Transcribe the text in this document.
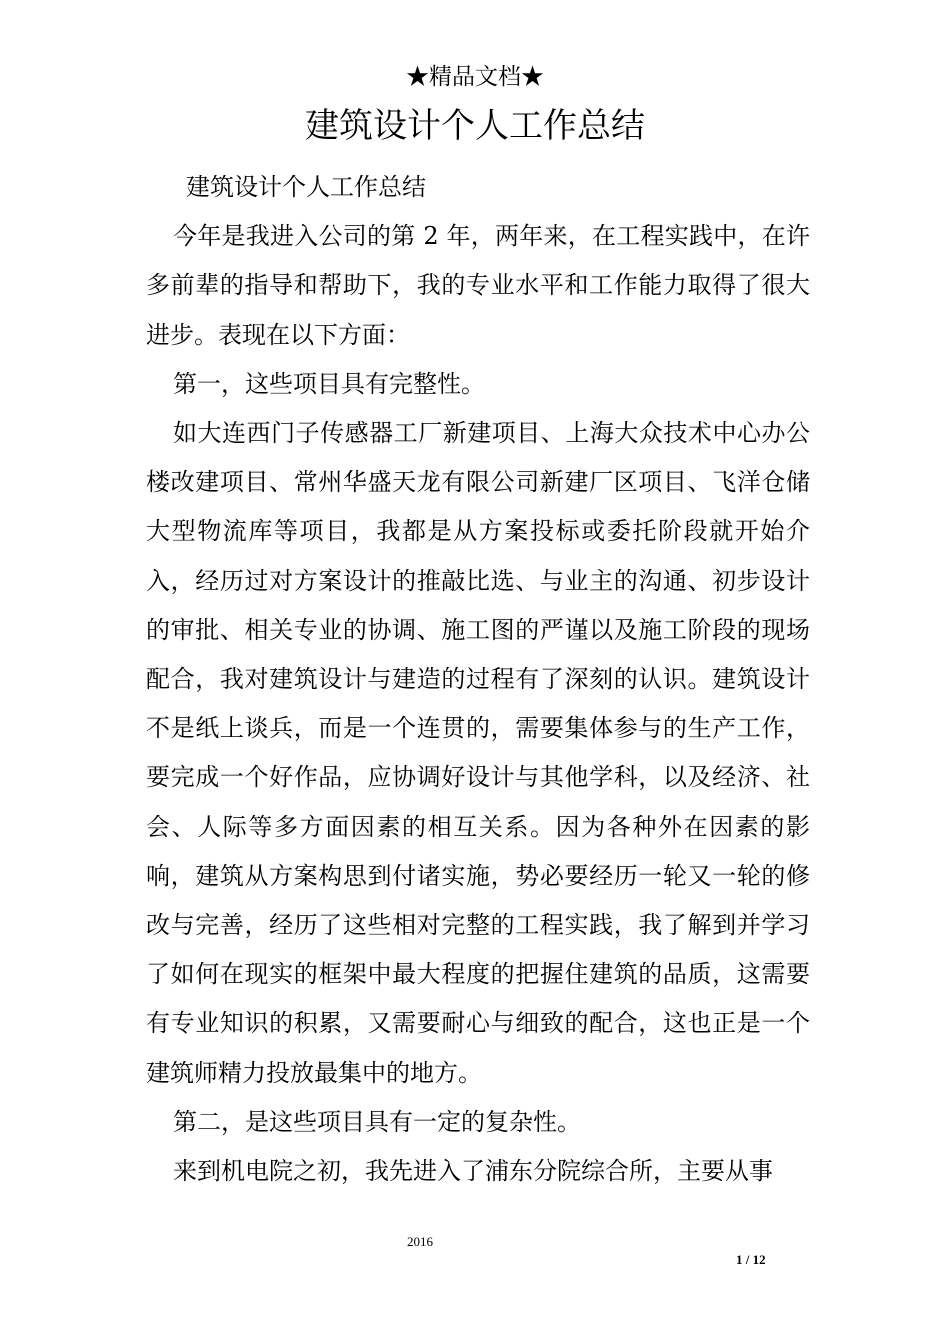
★精品文档★
建筑设计个人工作总结

建筑设计个人工作总结

今年是我进入公司的第 2 年，两年来，在工程实践中，在许多前辈的指导和帮助下，我的专业水平和工作能力取得了很大进步。表现在以下方面：

第一，这些项目具有完整性。

如大连西门子传感器工厂新建项目、上海大众技术中心办公楼改建项目、常州华盛天龙有限公司新建厂区项目、飞洋仓储大型物流库等项目，我都是从方案投标或委托阶段就开始介入，经历过对方案设计的推敲比选、与业主的沟通、初步设计的审批、相关专业的协调、施工图的严谨以及施工阶段的现场配合，我对建筑设计与建造的过程有了深刻的认识。建筑设计不是纸上谈兵，而是一个连贯的，需要集体参与的生产工作，要完成一个好作品，应协调好设计与其他学科，以及经济、社会、人际等多方面因素的相互关系。因为各种外在因素的影响，建筑从方案构思到付诸实施，势必要经历一轮又一轮的修改与完善，经历了这些相对完整的工程实践，我了解到并学习了如何在现实的框架中最大程度的把握住建筑的品质，这需要有专业知识的积累，又需要耐心与细致的配合，这也正是一个建筑师精力投放最集中的地方。

第二，是这些项目具有一定的复杂性。

来到机电院之初，我先进入了浦东分院综合所，主要从事

2016
1 / 12
